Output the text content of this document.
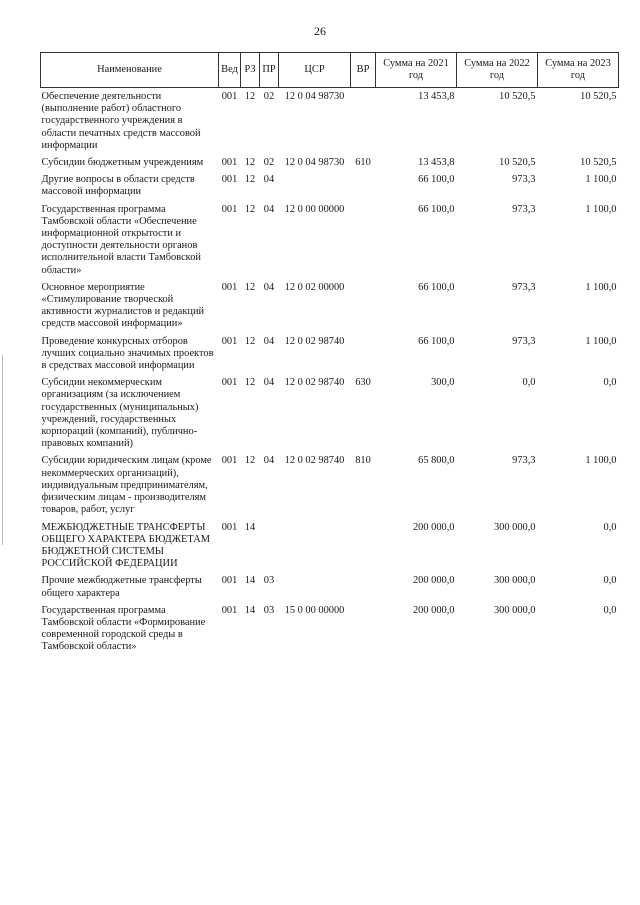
26
Наименование	Вед	РЗ	ПР	ЦСР	ВР	Сумма на 2021 год	Сумма на 2022 год	Сумма на 2023 год
Обеспечение деятельности (выполнение работ) областного государственного учреждения в области печатных средств массовой информации	001	12	02	12 0 04 98730		13 453,8	10 520,5	10 520,5
Субсидии бюджетным учреждениям	001	12	02	12 0 04 98730	610	13 453,8	10 520,5	10 520,5
Другие вопросы в области средств массовой информации	001	12	04			66 100,0	973,3	1 100,0
Государственная программа Тамбовской области «Обеспечение информационной открытости и доступности деятельности органов исполнительной власти Тамбовской области»	001	12	04	12 0 00 00000		66 100,0	973,3	1 100,0
Основное мероприятие «Стимулирование творческой активности журналистов и редакций средств массовой информации»	001	12	04	12 0 02 00000		66 100,0	973,3	1 100,0
Проведение конкурсных отборов лучших социально значимых проектов в средствах массовой информации	001	12	04	12 0 02 98740		66 100,0	973,3	1 100,0
Субсидии некоммерческим организациям (за исключением государственных (муниципальных) учреждений, государственных корпораций (компаний), публично-правовых компаний)	001	12	04	12 0 02 98740	630	300,0	0,0	0,0
Субсидии юридическим лицам (кроме некоммерческих организаций), индивидуальным предпринимателям, физическим лицам - производителям товаров, работ, услуг	001	12	04	12 0 02 98740	810	65 800,0	973,3	1 100,0
МЕЖБЮДЖЕТНЫЕ ТРАНСФЕРТЫ ОБЩЕГО ХАРАКТЕРА БЮДЖЕТАМ БЮДЖЕТНОЙ СИСТЕМЫ РОССИЙСКОЙ ФЕДЕРАЦИИ	001	14				200 000,0	300 000,0	0,0
Прочие межбюджетные трансферты общего характера	001	14	03			200 000,0	300 000,0	0,0
Государственная программа Тамбовской области «Формирование современной городской среды в Тамбовской области»	001	14	03	15 0 00 00000		200 000,0	300 000,0	0,0
